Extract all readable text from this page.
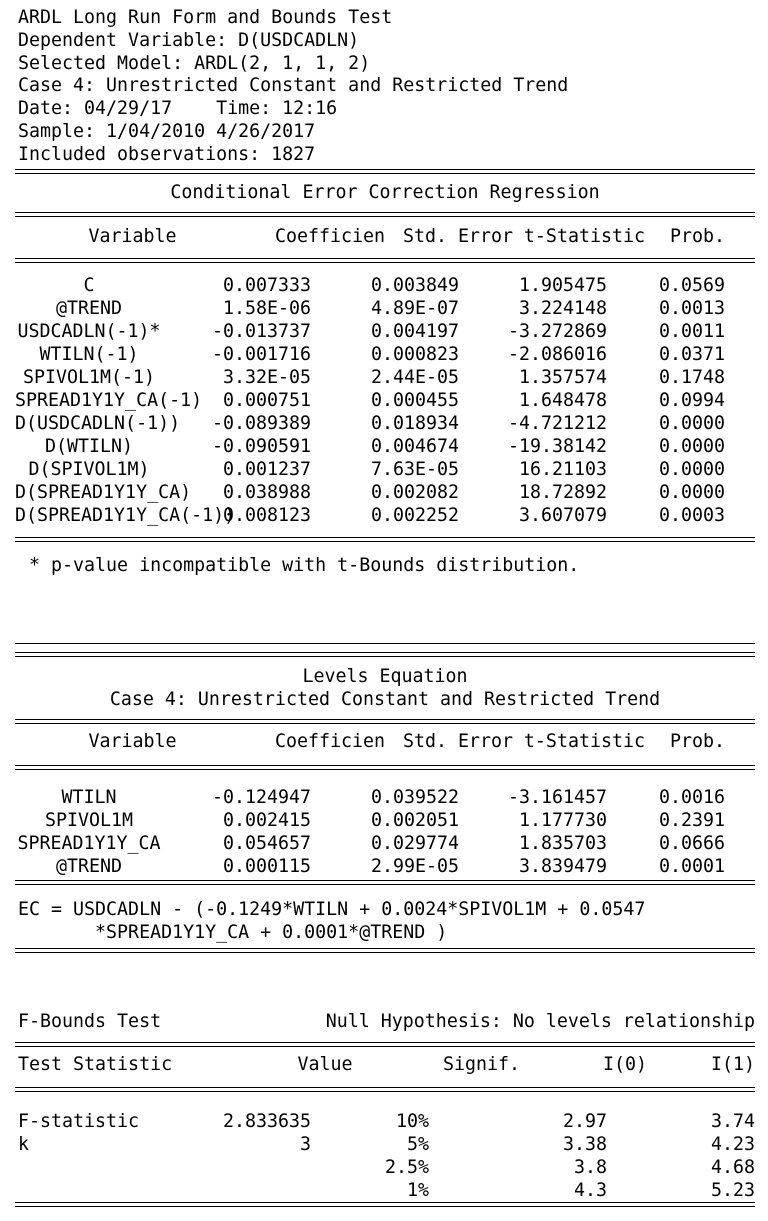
ARDL Long Run Form and Bounds Test
Dependent Variable: D(USDCADLN)
Selected Model: ARDL(2, 1, 1, 2)
Case 4: Unrestricted Constant and Restricted Trend
Date: 04/29/17    Time: 12:16
Sample: 1/04/2010 4/26/2017
Included observations: 1827
Conditional Error Correction Regression
Variable	Coefficien	Std. Error	t-Statistic	Prob.
C	0.007333	0.003849	1.905475	0.0569
@TREND	1.58E-06	4.89E-07	3.224148	0.0013
USDCADLN(-1)*	-0.013737	0.004197	-3.272869	0.0011
WTILN(-1)	-0.001716	0.000823	-2.086016	0.0371
SPIVOL1M(-1)	3.32E-05	2.44E-05	1.357574	0.1748
SPREAD1Y1Y_CA(-1)	0.000751	0.000455	1.648478	0.0994
D(USDCADLN(-1))	-0.089389	0.018934	-4.721212	0.0000
D(WTILN)	-0.090591	0.004674	-19.38142	0.0000
D(SPIVOL1M)	0.001237	7.63E-05	16.21103	0.0000
D(SPREAD1Y1Y_CA)	0.038988	0.002082	18.72892	0.0000
D(SPREAD1Y1Y_CA(-1))	0.008123	0.002252	3.607079	0.0003
* p-value incompatible with t-Bounds distribution.
Levels Equation
Case 4: Unrestricted Constant and Restricted Trend
Variable	Coefficien	Std. Error	t-Statistic	Prob.
WTILN	-0.124947	0.039522	-3.161457	0.0016
SPIVOL1M	0.002415	0.002051	1.177730	0.2391
SPREAD1Y1Y_CA	0.054657	0.029774	1.835703	0.0666
@TREND	0.000115	2.99E-05	3.839479	0.0001
EC = USDCADLN - (-0.1249*WTILN + 0.0024*SPIVOL1M + 0.0547
*SPREAD1Y1Y_CA + 0.0001*@TREND )
F-Bounds Test	Null Hypothesis: No levels relationship
Test Statistic	Value	Signif.	I(0)	I(1)
F-statistic	2.833635	10%	2.97	3.74
k	3	5%	3.38	4.23
		2.5%	3.8	4.68
		1%	4.3	5.23
